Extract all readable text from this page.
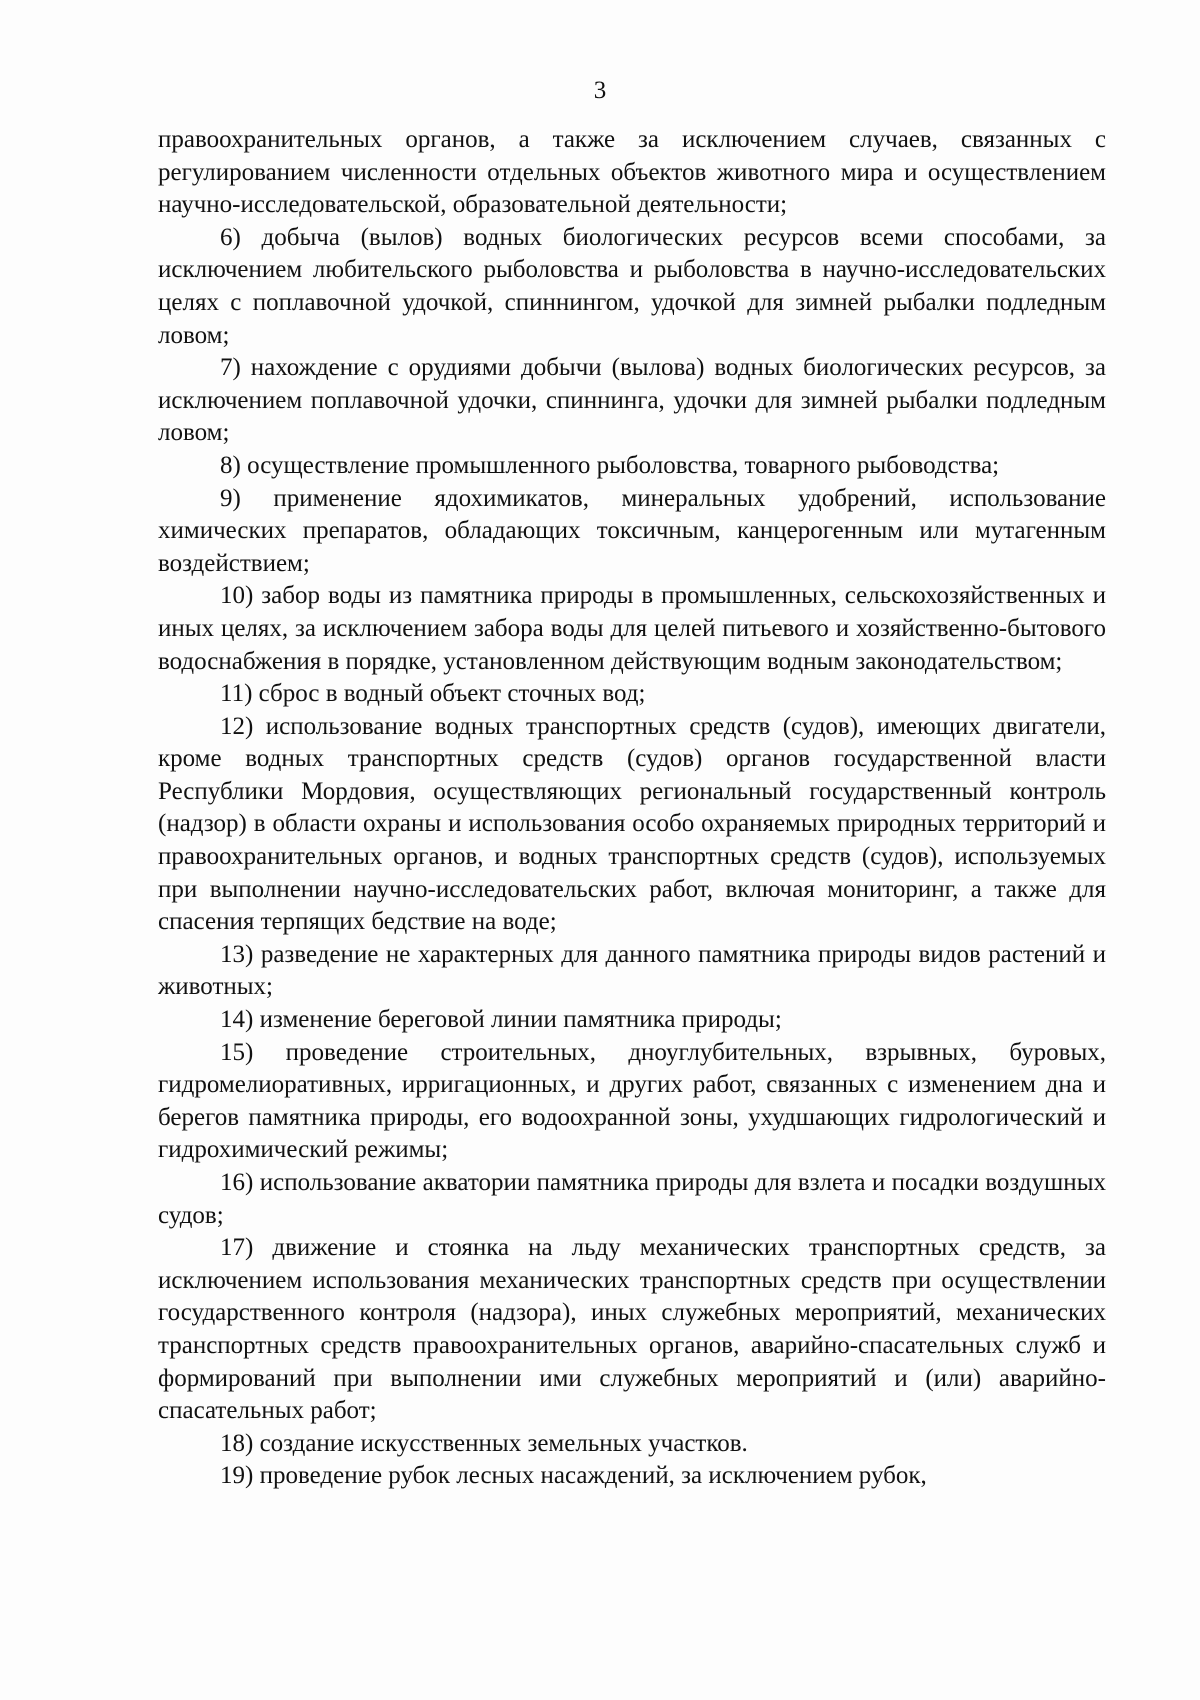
3

правоохранительных органов, а также за исключением случаев, связанных с регулированием численности отдельных объектов животного мира и осуществлением научно-исследовательской, образовательной деятельности;

6) добыча (вылов) водных биологических ресурсов всеми способами, за исключением любительского рыболовства и рыболовства в научно-исследовательских целях с поплавочной удочкой, спиннингом, удочкой для зимней рыбалки подледным ловом;

7) нахождение с орудиями добычи (вылова) водных биологических ресурсов, за исключением поплавочной удочки, спиннинга, удочки для зимней рыбалки подледным ловом;

8) осуществление промышленного рыболовства, товарного рыбоводства;

9) применение ядохимикатов, минеральных удобрений, использование химических препаратов, обладающих токсичным, канцерогенным или мутагенным воздействием;

10) забор воды из памятника природы в промышленных, сельскохозяйственных и иных целях, за исключением забора воды для целей питьевого и хозяйственно-бытового водоснабжения в порядке, установленном действующим водным законодательством;

11) сброс в водный объект сточных вод;

12) использование водных транспортных средств (судов), имеющих двигатели, кроме водных транспортных средств (судов) органов государственной власти Республики Мордовия, осуществляющих региональный государственный контроль (надзор) в области охраны и использования особо охраняемых природных территорий и правоохранительных органов, и водных транспортных средств (судов), используемых при выполнении научно-исследовательских работ, включая мониторинг, а также для спасения терпящих бедствие на воде;

13) разведение не характерных для данного памятника природы видов растений и животных;

14) изменение береговой линии памятника природы;

15) проведение строительных, дноуглубительных, взрывных, буровых, гидромелиоративных, ирригационных, и других работ, связанных с изменением дна и берегов памятника природы, его водоохранной зоны, ухудшающих гидрологический и гидрохимический режимы;

16) использование акватории памятника природы для взлета и посадки воздушных судов;

17) движение и стоянка на льду механических транспортных средств, за исключением использования механических транспортных средств при осуществлении государственного контроля (надзора), иных служебных мероприятий, механических транспортных средств правоохранительных органов, аварийно-спасательных служб и формирований при выполнении ими служебных мероприятий и (или) аварийно-спасательных работ;

18) создание искусственных земельных участков.

19) проведение рубок лесных насаждений, за исключением рубок,
